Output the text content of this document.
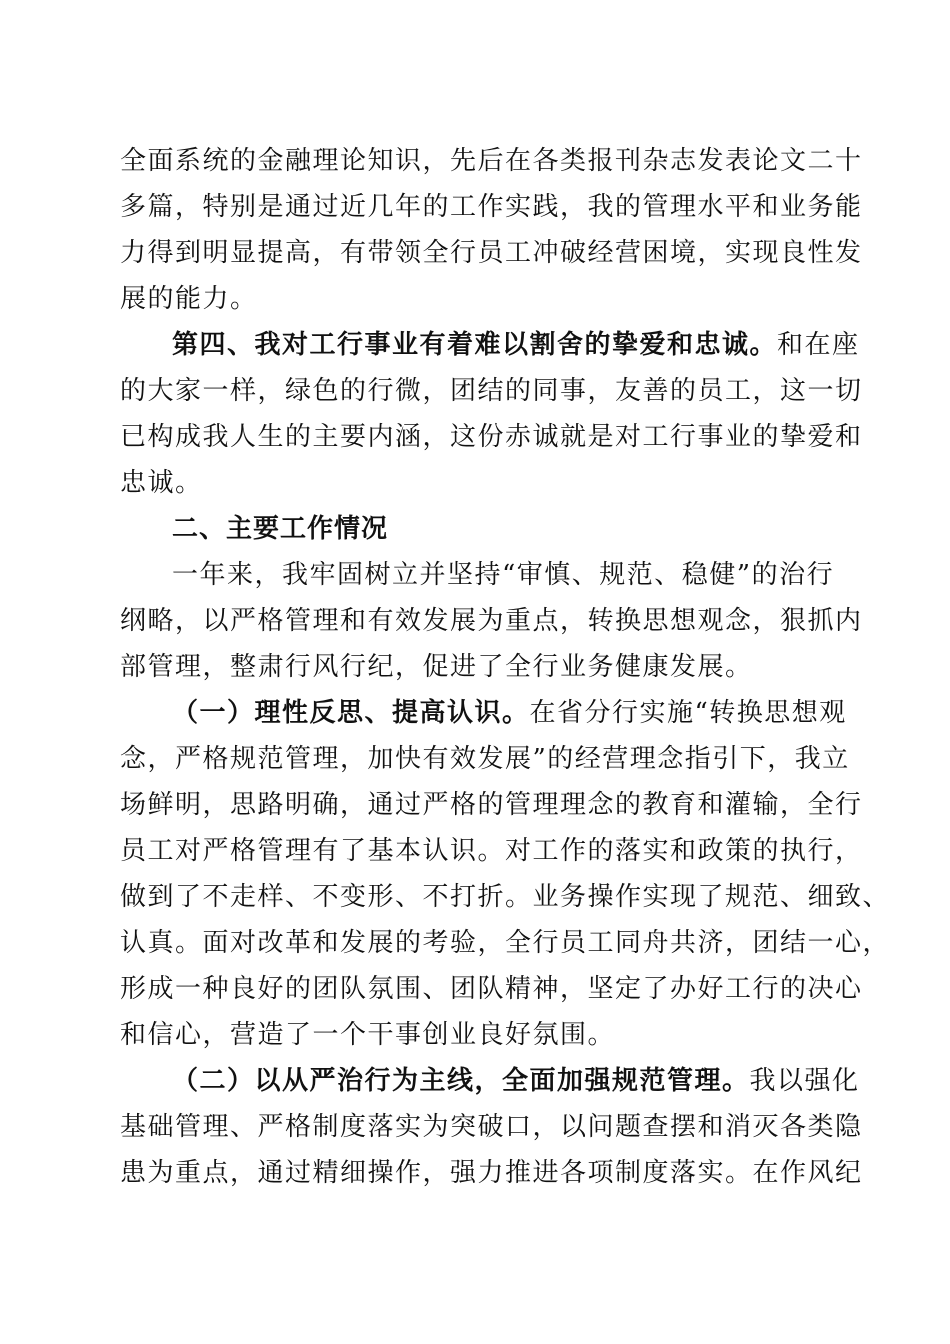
全面系统的金融理论知识，先后在各类报刊杂志发表论文二十
多篇，特别是通过近几年的工作实践，我的管理水平和业务能
力得到明显提高，有带领全行员工冲破经营困境，实现良性发
展的能力。
第四、我对工行事业有着难以割舍的挚爱和忠诚。和在座
的大家一样，绿色的行微，团结的同事，友善的员工，这一切
已构成我人生的主要内涵，这份赤诚就是对工行事业的挚爱和
忠诚。
二、主要工作情况
一年来，我牢固树立并坚持“审慎、规范、稳健”的治行
纲略，以严格管理和有效发展为重点，转换思想观念，狠抓内
部管理，整肃行风行纪，促进了全行业务健康发展。
（一）理性反思、提高认识。在省分行实施“转换思想观
念，严格规范管理，加快有效发展”的经营理念指引下，我立
场鲜明，思路明确，通过严格的管理理念的教育和灌输，全行
员工对严格管理有了基本认识。对工作的落实和政策的执行，
做到了不走样、不变形、不打折。业务操作实现了规范、细致、
认真。面对改革和发展的考验，全行员工同舟共济，团结一心，
形成一种良好的团队氛围、团队精神，坚定了办好工行的决心
和信心，营造了一个干事创业良好氛围。
（二）以从严治行为主线，全面加强规范管理。我以强化
基础管理、严格制度落实为突破口，以问题查摆和消灭各类隐
患为重点，通过精细操作，强力推进各项制度落实。在作风纪
